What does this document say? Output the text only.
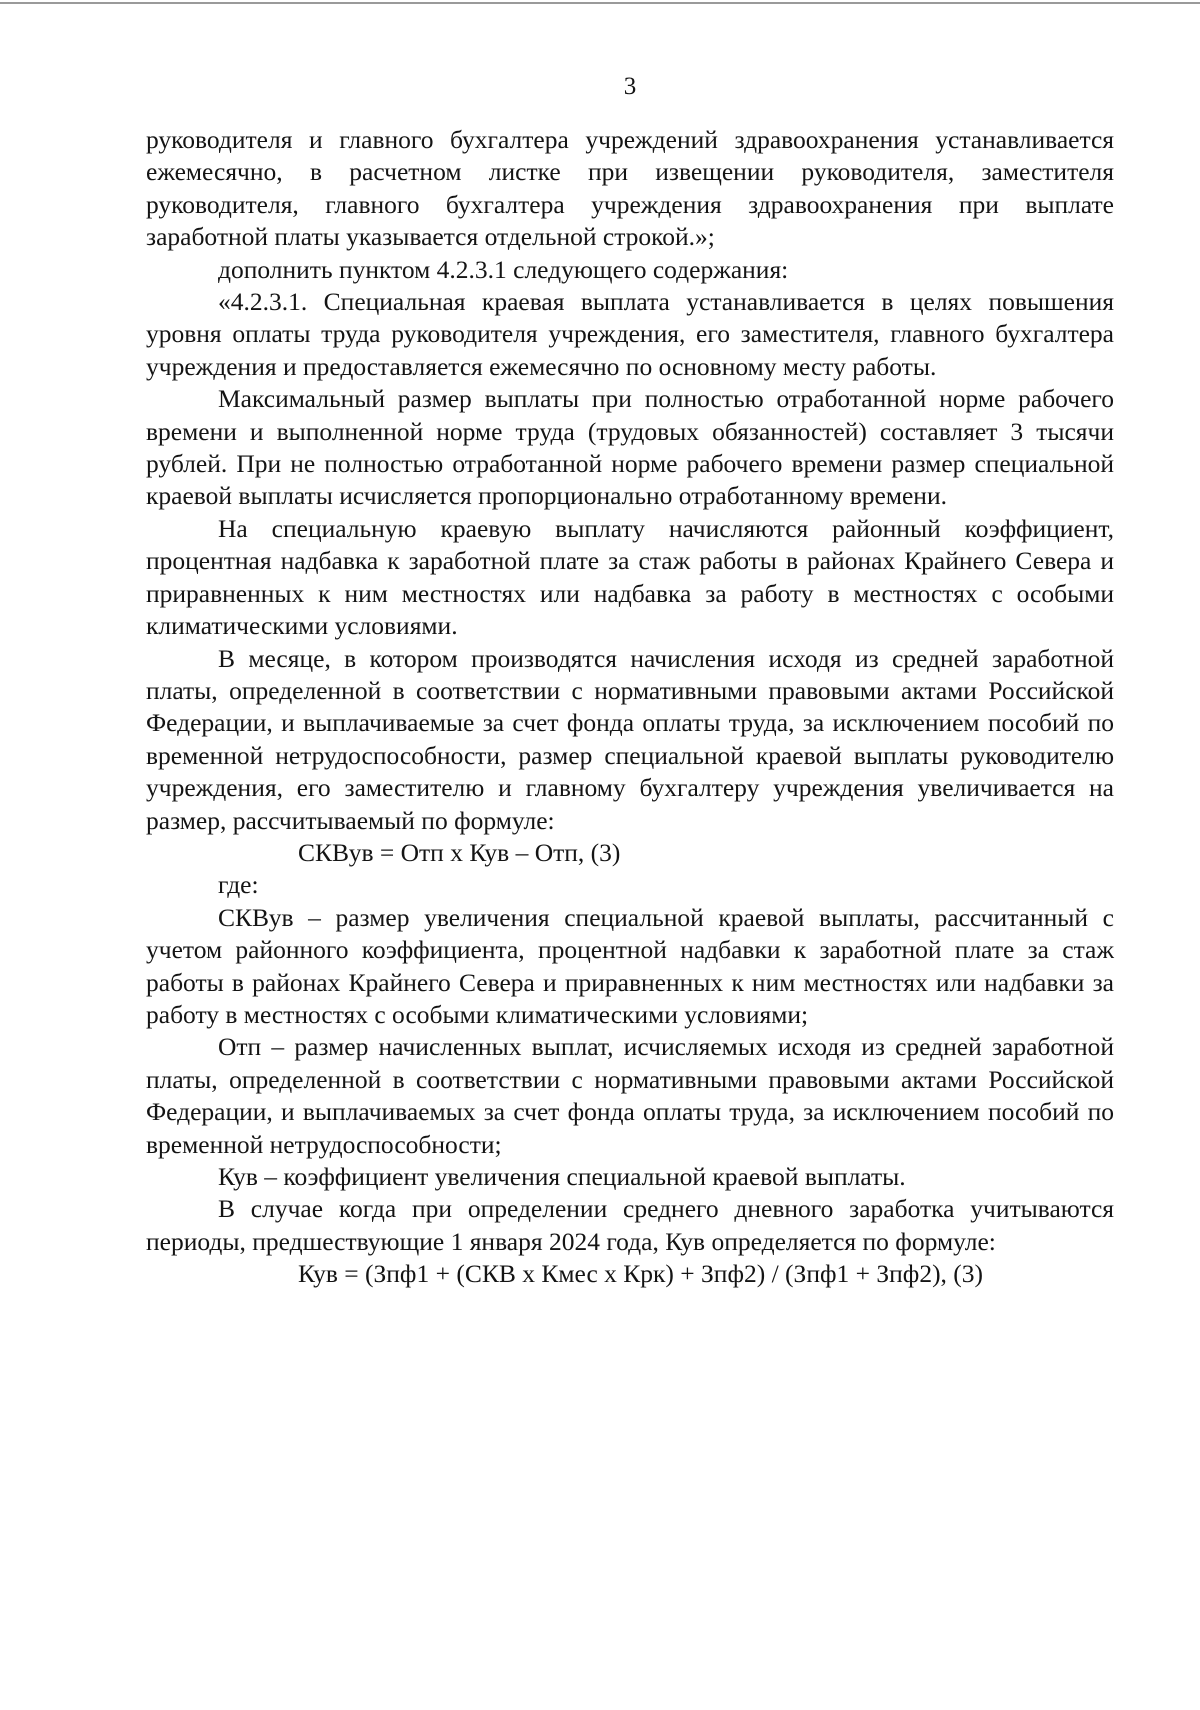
3

руководителя и главного бухгалтера учреждений здравоохранения устанавливается ежемесячно, в расчетном листке при извещении руководителя, заместителя руководителя, главного бухгалтера учреждения здравоохранения при выплате заработной платы указывается отдельной строкой.»;

дополнить пунктом 4.2.3.1 следующего содержания:

«4.2.3.1. Специальная краевая выплата устанавливается в целях повышения уровня оплаты труда руководителя учреждения, его заместителя, главного бухгалтера учреждения и предоставляется ежемесячно по основному месту работы.

Максимальный размер выплаты при полностью отработанной норме рабочего времени и выполненной норме труда (трудовых обязанностей) составляет 3 тысячи рублей. При не полностью отработанной норме рабочего времени размер специальной краевой выплаты исчисляется пропорционально отработанному времени.

На специальную краевую выплату начисляются районный коэффициент, процентная надбавка к заработной плате за стаж работы в районах Крайнего Севера и приравненных к ним местностях или надбавка за работу в местностях с особыми климатическими условиями.

В месяце, в котором производятся начисления исходя из средней заработной платы, определенной в соответствии с нормативными правовыми актами Российской Федерации, и выплачиваемые за счет фонда оплаты труда, за исключением пособий по временной нетрудоспособности, размер специальной краевой выплаты руководителю учреждения, его заместителю и главному бухгалтеру учреждения увеличивается на размер, рассчитываемый по формуле:

СКВув = Отп х Кув – Отп, (3)

где:

СКВув – размер увеличения специальной краевой выплаты, рассчитанный с учетом районного коэффициента, процентной надбавки к заработной плате за стаж работы в районах Крайнего Севера и приравненных к ним местностях или надбавки за работу в местностях с особыми климатическими условиями;

Отп – размер начисленных выплат, исчисляемых исходя из средней заработной платы, определенной в соответствии с нормативными правовыми актами Российской Федерации, и выплачиваемых за счет фонда оплаты труда, за исключением пособий по временной нетрудоспособности;

Кув – коэффициент увеличения специальной краевой выплаты.

В случае когда при определении среднего дневного заработка учитываются периоды, предшествующие 1 января 2024 года, Кув определяется по формуле:

Кув = (Зпф1 + (СКВ х Кмес х Крк) + Зпф2) / (Зпф1 + Зпф2), (3)
